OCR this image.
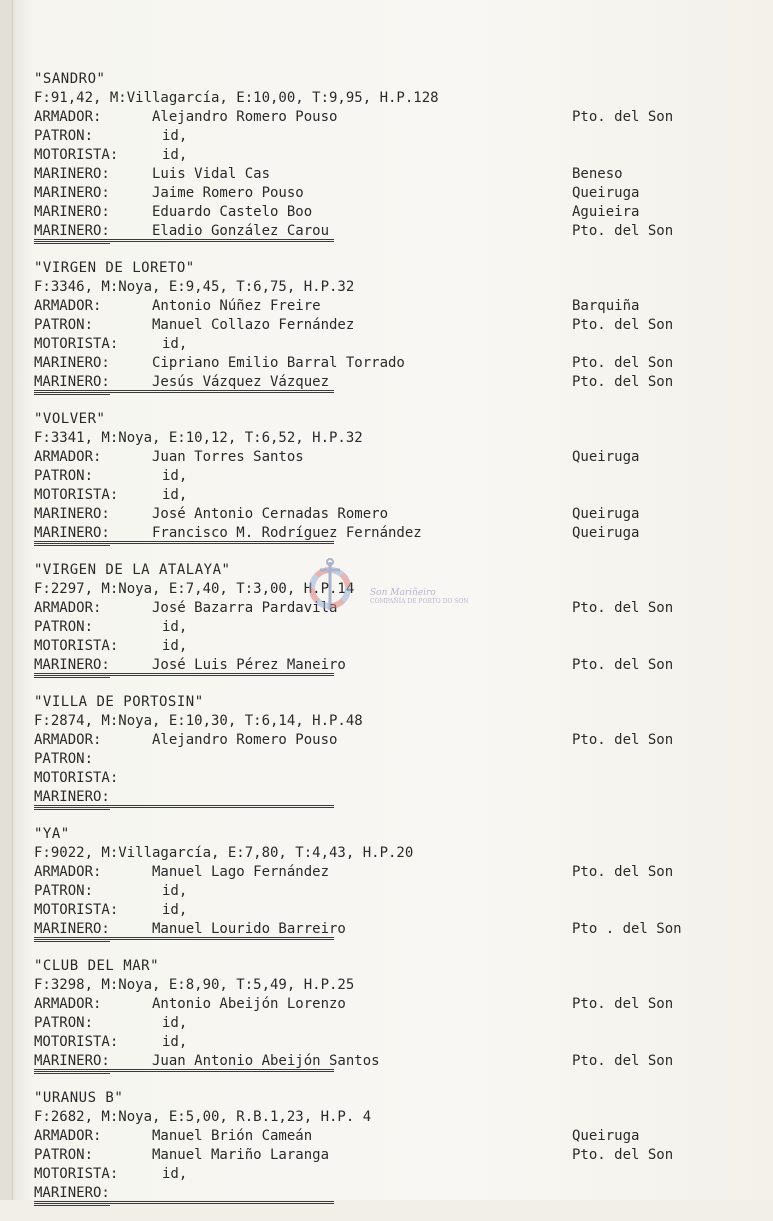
"SANDRO"
F:91,42, M:Villagarcía, E:10,00, T:9,95, H.P.128
ARMADOR:	Alejandro Romero Pouso	Pto. del Son
PATRON:	id,
MOTORISTA:	id,
MARINERO:	Luis Vidal Cas	Beneso
MARINERO:	Jaime Romero Pouso	Queiruga
MARINERO:	Eduardo Castelo Boo	Aguieira
MARINERO:	Eladio González Carou	Pto. del Son
"VIRGEN DE LORETO"
F:3346, M:Noya, E:9,45, T:6,75, H.P.32
ARMADOR:	Antonio Núñez Freire	Barquiña
PATRON:	Manuel Collazo Fernández	Pto. del Son
MOTORISTA:	id,
MARINERO:	Cipriano Emilio Barral Torrado	Pto. del Son
MARINERO:	Jesús Vázquez Vázquez	Pto. del Son
"VOLVER"
F:3341, M:Noya, E:10,12, T:6,52, H.P.32
ARMADOR:	Juan Torres Santos	Queiruga
PATRON:	id,
MOTORISTA:	id,
MARINERO:	José Antonio Cernadas Romero	Queiruga
MARINERO:	Francisco M. Rodríguez Fernández	Queiruga
"VIRGEN DE LA ATALAYA"
F:2297, M:Noya, E:7,40, T:3,00, H.P.14
ARMADOR:	José Bazarra Pardavila	Pto. del Son
PATRON:	id,
MOTORISTA:	id,
MARINERO:	José Luis Pérez Maneiro	Pto. del Son
"VILLA DE PORTOSIN"
F:2874, M:Noya, E:10,30, T:6,14, H.P.48
ARMADOR:	Alejandro Romero Pouso	Pto. del Son
PATRON:
MOTORISTA:
MARINERO:
"YA"
F:9022, M:Villagarcía, E:7,80, T:4,43, H.P.20
ARMADOR:	Manuel Lago Fernández	Pto. del Son
PATRON:	id,
MOTORISTA:	id,
MARINERO:	Manuel Lourido Barreiro	Pto . del Son
"CLUB DEL MAR"
F:3298, M:Noya, E:8,90, T:5,49, H.P.25
ARMADOR:	Antonio Abeijón Lorenzo	Pto. del Son
PATRON:	id,
MOTORISTA:	id,
MARINERO:	Juan Antonio Abeijón Santos	Pto. del Son
"URANUS B"
F:2682, M:Noya, E:5,00, R.B.1,23, H.P. 4
ARMADOR:	Manuel Brión Cameán	Queiruga
PATRON:	Manuel Mariño Laranga	Pto. del Son
MOTORISTA:	id,
MARINERO:
Son Mariñeiro
COMPAÑÍA DE PORTO DO SON
